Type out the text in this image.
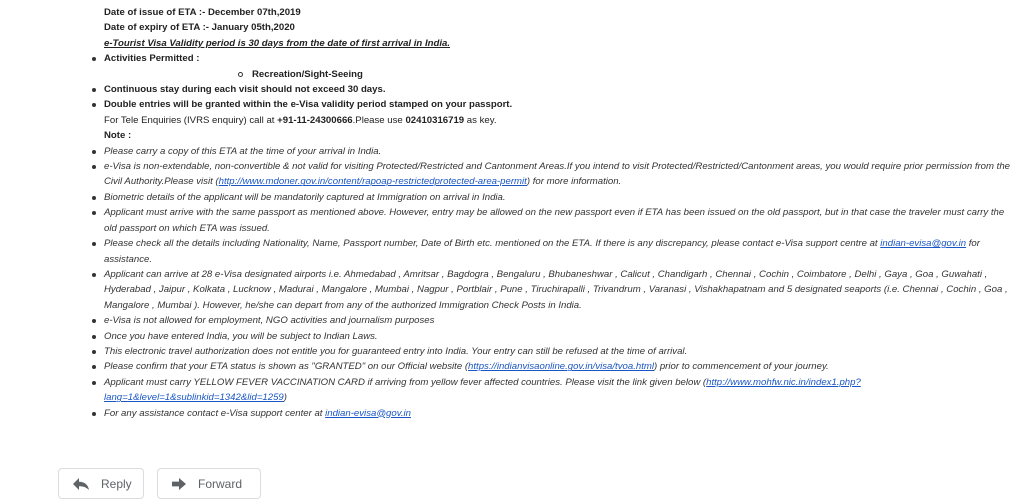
Date of issue of ETA :- December 07th,2019
Date of expiry of ETA :- January 05th,2020
e-Tourist Visa Validity period is 30 days from the date of first arrival in India.
Activities Permitted :
Recreation/Sight-Seeing
Continuous stay during each visit should not exceed 30 days.
Double entries will be granted within the e-Visa validity period stamped on your passport.
For Tele Enquiries (IVRS enquiry) call at +91-11-24300666.Please use 02410316719 as key.
Note :
Please carry a copy of this ETA at the time of your arrival in India.
e-Visa is non-extendable, non-convertible & not valid for visiting Protected/Restricted and Cantonment Areas.If you intend to visit Protected/Restricted/Cantonment areas, you would require prior permission from the Civil Authority.Please visit (http://www.mdoner.gov.in/content/rapoap-restrictedprotected-area-permit) for more information.
Biometric details of the applicant will be mandatorily captured at Immigration on arrival in India.
Applicant must arrive with the same passport as mentioned above. However, entry may be allowed on the new passport even if ETA has been issued on the old passport, but in that case the traveler must carry the old passport on which ETA was issued.
Please check all the details including Nationality, Name, Passport number, Date of Birth etc. mentioned on the ETA. If there is any discrepancy, please contact e-Visa support centre at indian-evisa@gov.in for assistance.
Applicant can arrive at 28 e-Visa designated airports i.e. Ahmedabad , Amritsar , Bagdogra , Bengaluru , Bhubaneshwar , Calicut , Chandigarh , Chennai , Cochin , Coimbatore , Delhi , Gaya , Goa , Guwahati , Hyderabad , Jaipur , Kolkata , Lucknow , Madurai , Mangalore , Mumbai , Nagpur , Portblair , Pune , Tiruchirapalli , Trivandrum , Varanasi , Vishakhapatnam and 5 designated seaports (i.e. Chennai , Cochin , Goa , Mangalore , Mumbai ). However, he/she can depart from any of the authorized Immigration Check Posts in India.
e-Visa is not allowed for employment, NGO activities and journalism purposes
Once you have entered India, you will be subject to Indian Laws.
This electronic travel authorization does not entitle you for guaranteed entry into India. Your entry can still be refused at the time of arrival.
Please confirm that your ETA status is shown as "GRANTED" on our Official website (https://indianvisaonline.gov.in/visa/tvoa.html) prior to commencement of your journey.
Applicant must carry YELLOW FEVER VACCINATION CARD if arriving from yellow fever affected countries. Please visit the link given below (http://www.mohfw.nic.in/index1.php?lang=1&level=1&sublinkid=1342&lid=1259)
For any assistance contact e-Visa support center at indian-evisa@gov.in
Reply	Forward
